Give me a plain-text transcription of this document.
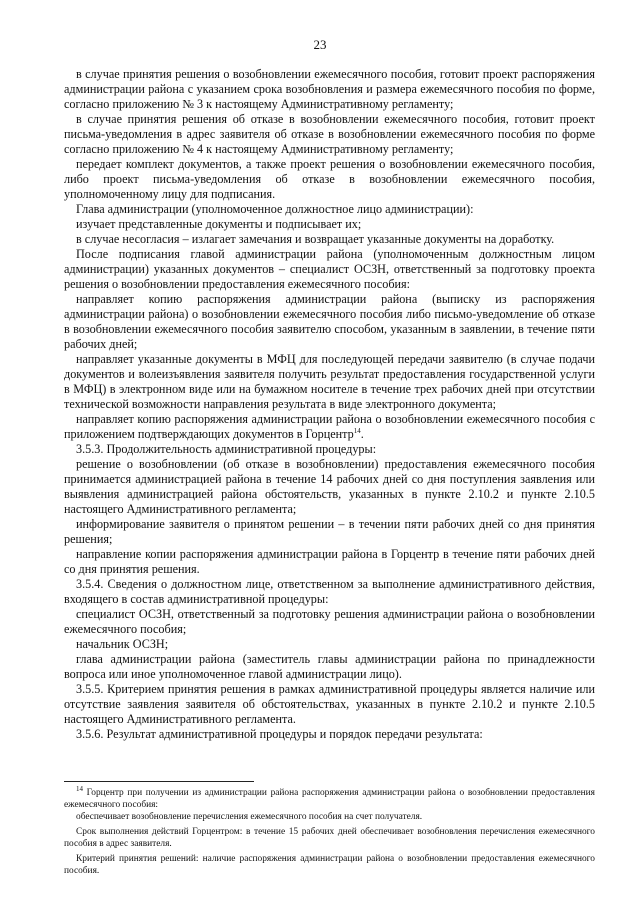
23

в случае принятия решения о возобновлении ежемесячного пособия, готовит проект распоряжения администрации района с указанием срока возобновления и размера ежемесячного пособия по форме, согласно приложению № 3 к настоящему Административному регламенту;

в случае принятия решения об отказе в возобновлении ежемесячного пособия, готовит проект письма-уведомления в адрес заявителя об отказе в возобновлении ежемесячного пособия по форме согласно приложению № 4 к настоящему Административному регламенту;

передает комплект документов, а также проект решения о возобновлении ежемесячного пособия, либо проект письма-уведомления об отказе в возобновлении ежемесячного пособия, уполномоченному лицу для подписания.

Глава администрации (уполномоченное должностное лицо администрации):

изучает представленные документы и подписывает их;

в случае несогласия – излагает замечания и возвращает указанные документы на доработку.

После подписания главой администрации района (уполномоченным должностным лицом администрации) указанных документов – специалист ОСЗН, ответственный за подготовку проекта решения о возобновлении предоставления ежемесячного пособия:

направляет копию распоряжения администрации района (выписку из распоряжения администрации района) о возобновлении ежемесячного пособия либо письмо-уведомление об отказе в возобновлении ежемесячного пособия заявителю способом, указанным в заявлении, в течение пяти рабочих дней;

направляет указанные документы в МФЦ для последующей передачи заявителю (в случае подачи документов и волеизъявления заявителя получить результат предоставления государственной услуги в МФЦ) в электронном виде или на бумажном носителе в течение трех рабочих дней при отсутствии технической возможности направления результата в виде электронного документа;

направляет копию распоряжения администрации района о возобновлении ежемесячного пособия с приложением подтверждающих документов в Горцентр$^{14}$.

3.5.3. Продолжительность административной процедуры:

решение о возобновлении (об отказе в возобновлении) предоставления ежемесячного пособия принимается администрацией района в течение 14 рабочих дней со дня поступления заявления или выявления администрацией района обстоятельств, указанных в пункте 2.10.2 и пункте 2.10.5 настоящего Административного регламента;

информирование заявителя о принятом решении – в течении пяти рабочих дней со дня принятия решения;

направление копии распоряжения администрации района в Горцентр в течение пяти рабочих дней со дня принятия решения.

3.5.4. Сведения о должностном лице, ответственном за выполнение административного действия, входящего в состав административной процедуры:

специалист ОСЗН, ответственный за подготовку решения администрации района о возобновлении ежемесячного пособия;

начальник ОСЗН;

глава администрации района (заместитель главы администрации района по принадлежности вопроса или иное уполномоченное главой администрации лицо).

3.5.5. Критерием принятия решения в рамках административной процедуры является наличие или отсутствие заявления заявителя об обстоятельствах, указанных в пункте 2.10.2 и пункте 2.10.5 настоящего Административного регламента.

3.5.6. Результат административной процедуры и порядок передачи результата:

$^{14}$ Горцентр при получении из администрации района распоряжения администрации района о возобновлении предоставления ежемесячного пособия:

обеспечивает возобновление перечисления ежемесячного пособия на счет получателя.

Срок выполнения действий Горцентром: в течение 15 рабочих дней обеспечивает возобновления перечисления ежемесячного пособия в адрес заявителя.

Критерий принятия решений: наличие распоряжения администрации района о возобновлении предоставления ежемесячного пособия.
